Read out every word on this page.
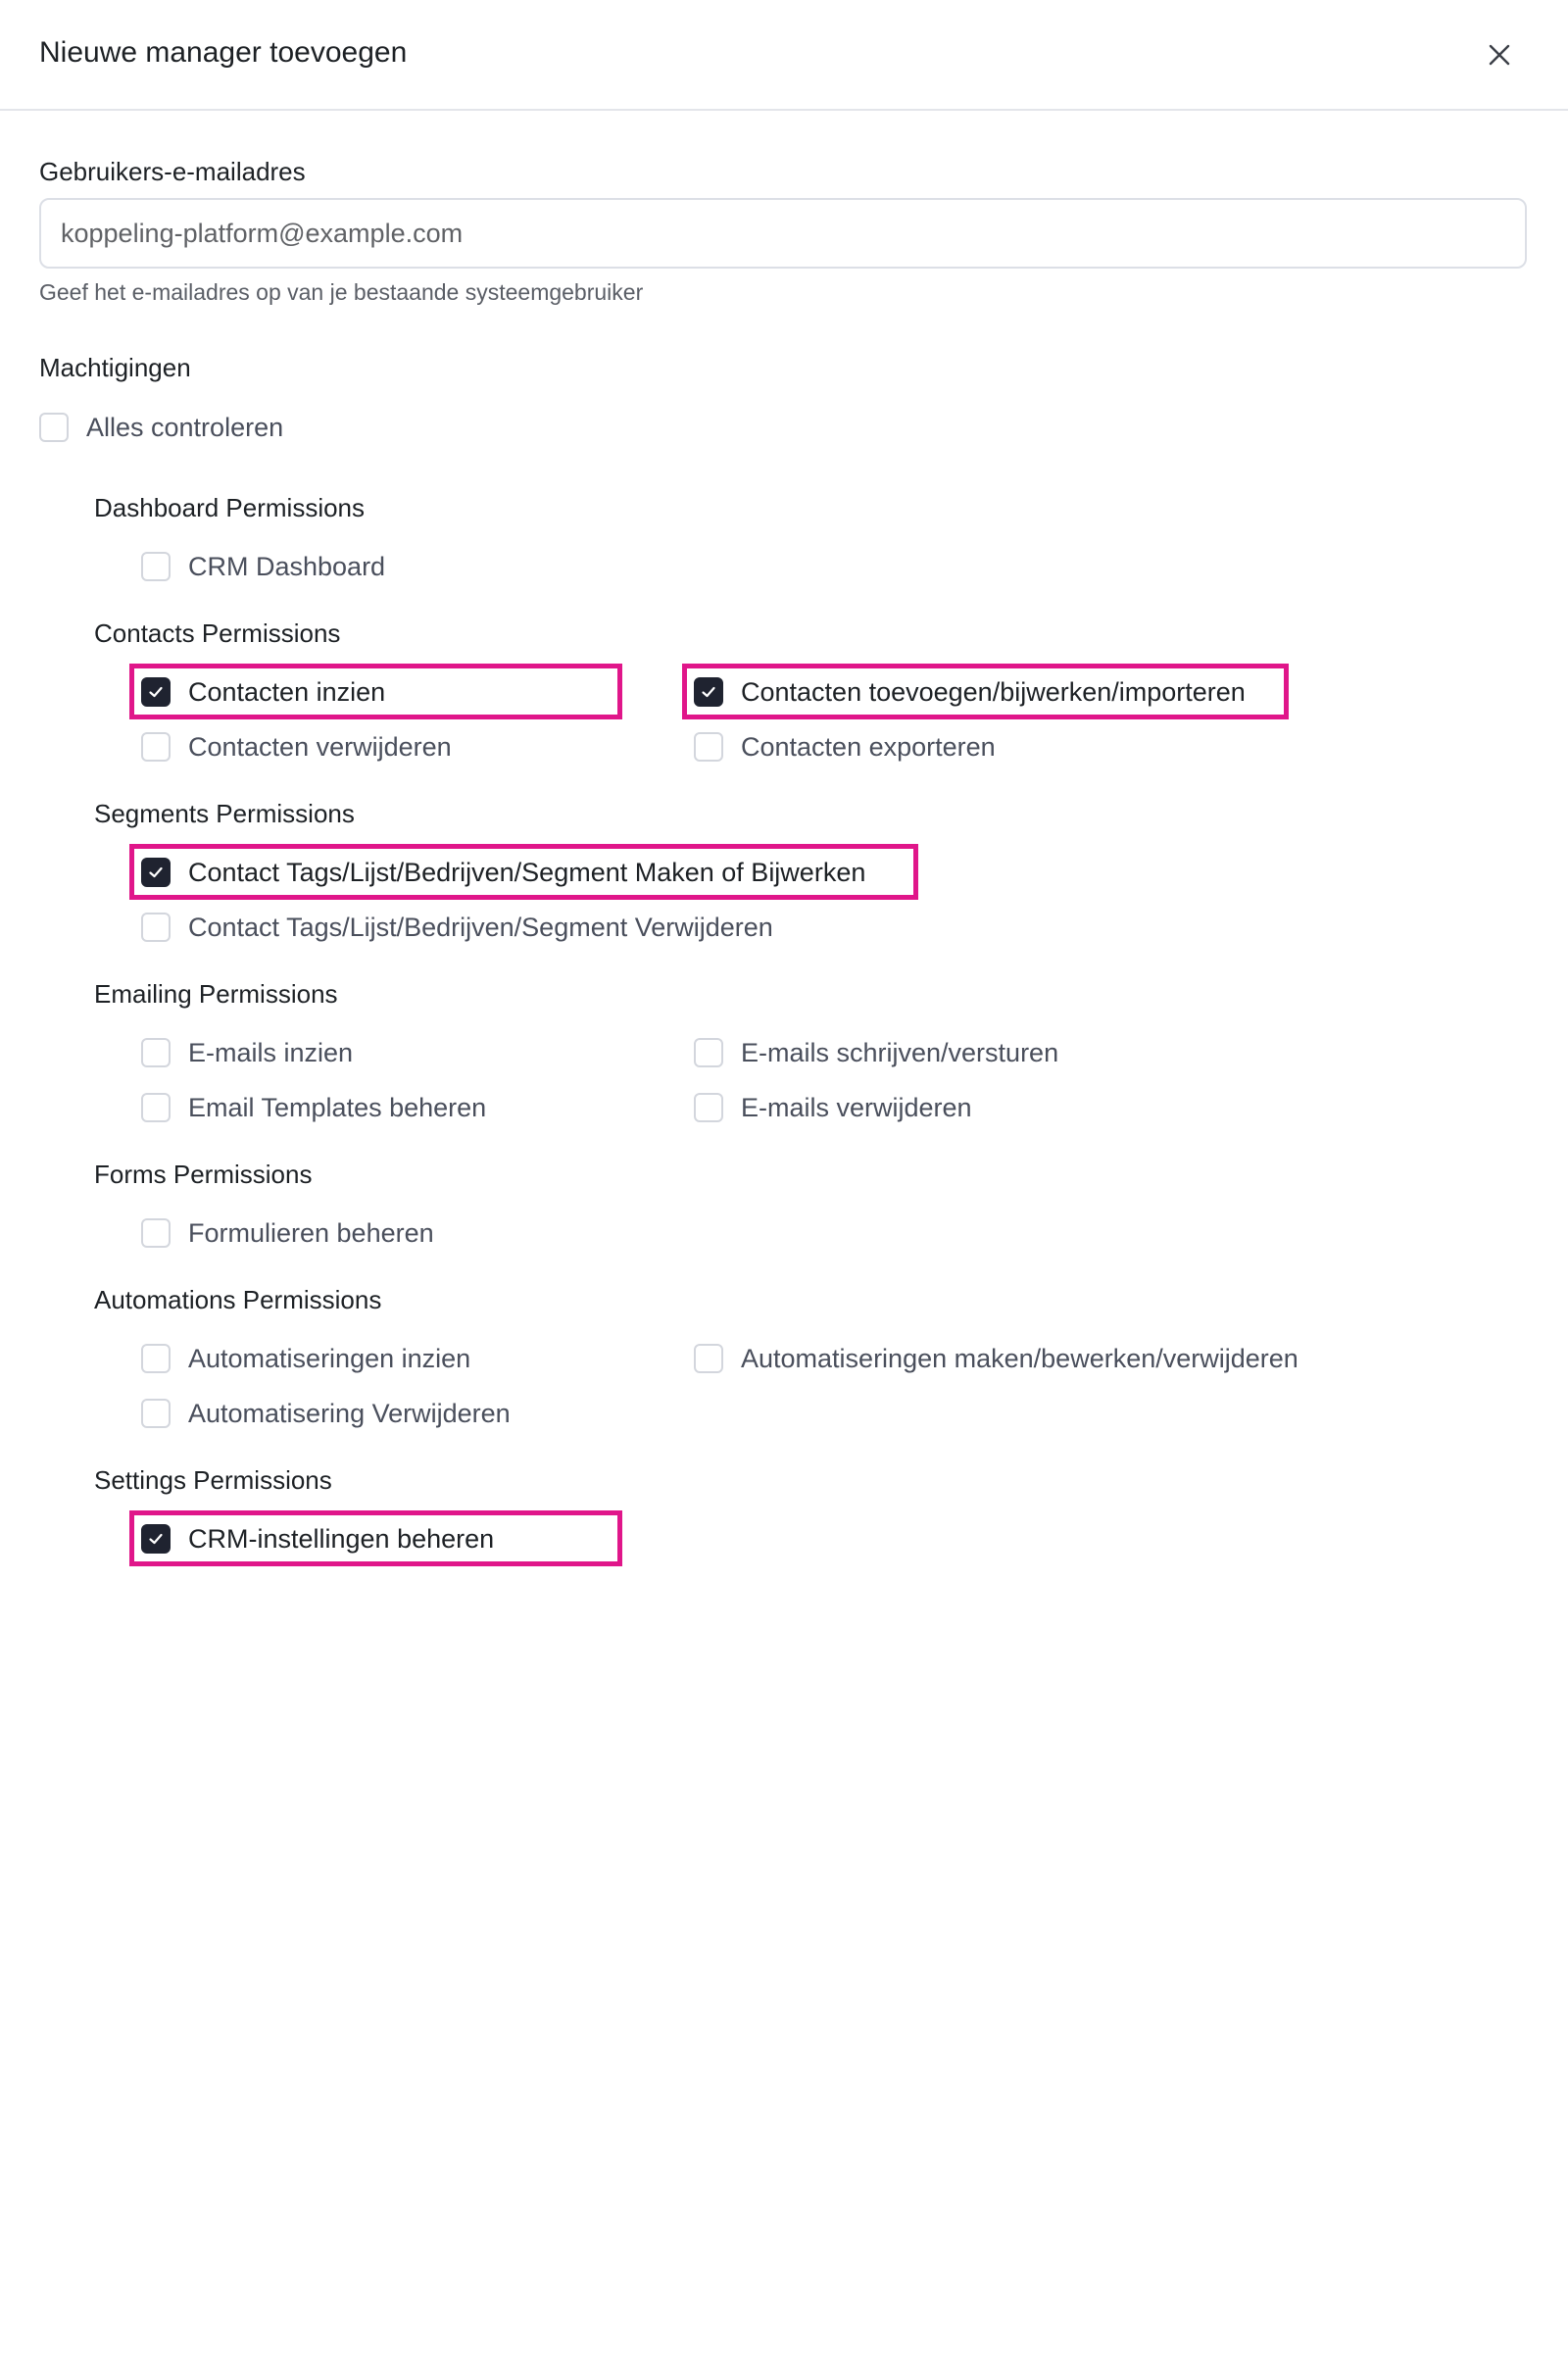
Nieuwe manager toevoegen
Gebruikers-e-mailadres
koppeling-platform@example.com
Geef het e-mailadres op van je bestaande systeemgebruiker
Machtigingen
Alles controleren
Dashboard Permissions
CRM Dashboard
Contacts Permissions
Contacten inzien	Contacten toevoegen/bijwerken/importeren
Contacten verwijderen	Contacten exporteren
Segments Permissions
Contact Tags/Lijst/Bedrijven/Segment Maken of Bijwerken
Contact Tags/Lijst/Bedrijven/Segment Verwijderen
Emailing Permissions
E-mails inzien	E-mails schrijven/versturen
Email Templates beheren	E-mails verwijderen
Forms Permissions
Formulieren beheren
Automations Permissions
Automatiseringen inzien	Automatiseringen maken/bewerken/verwijderen
Automatisering Verwijderen
Settings Permissions
CRM-instellingen beheren
